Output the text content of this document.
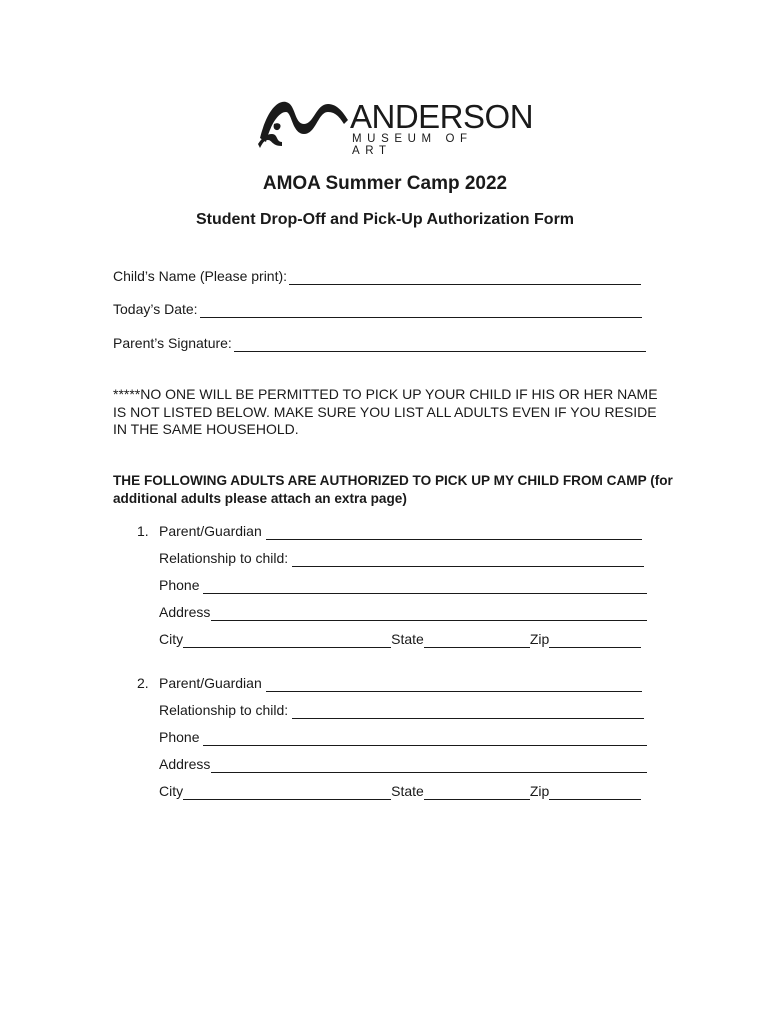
ANDERSON
MUSEUM OF ART
AMOA Summer Camp 2022
Student Drop-Off and Pick-Up Authorization Form
Child’s Name (Please print):
Today’s Date:
Parent’s Signature:
*****NO ONE WILL BE PERMITTED TO PICK UP YOUR CHILD IF HIS OR HER NAME IS NOT LISTED BELOW. MAKE SURE YOU LIST ALL ADULTS EVEN IF YOU RESIDE IN THE SAME HOUSEHOLD.
THE FOLLOWING ADULTS ARE AUTHORIZED TO PICK UP MY CHILD FROM CAMP (for additional adults please attach an extra page)
1. Parent/Guardian
Relationship to child:
Phone
Address
City	State	Zip
2. Parent/Guardian
Relationship to child:
Phone
Address
City	State	Zip
